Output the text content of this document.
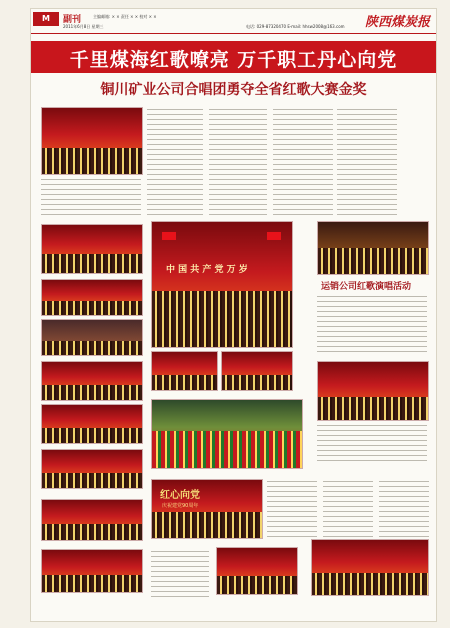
M	副刊	主编邮箱: × × 责任 × × 校对 × ×
2011年6月8日 星期三	电话: 029-87320470 E-mail: hhsw2008@163.com 陕西煤炭报
千里煤海红歌嘹亮 万千职工丹心向党
铜川矿业公司合唱团勇夺全省红歌大赛金奖
中 国 共 产 党 万 岁
运销公司红歌演唱活动
红心向党
庆祝建党90周年
